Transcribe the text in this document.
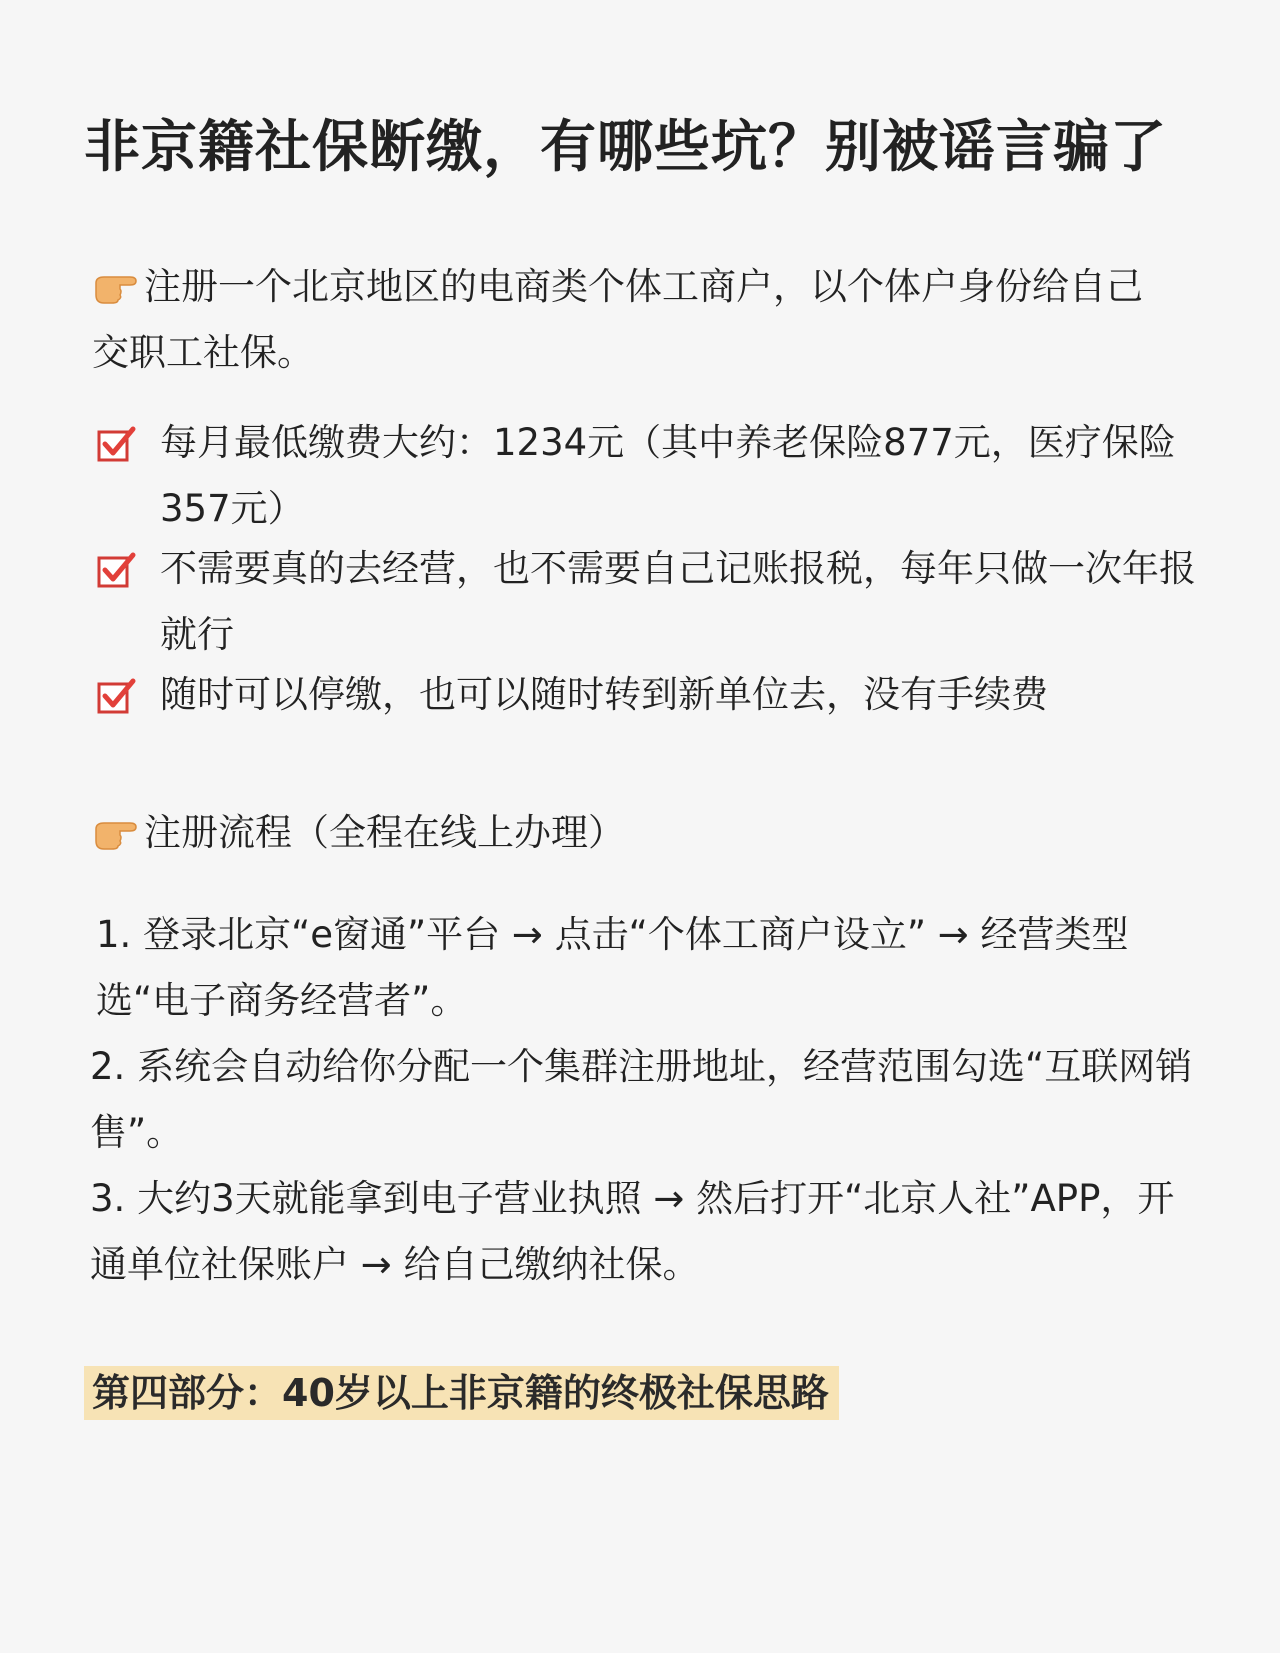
非京籍社保断缴，有哪些坑？别被谣言骗了
注册一个北京地区的电商类个体工商户，以个体户身份给自己交职工社保。
每月最低缴费大约：1234元（其中养老保险877元，医疗保险357元）
不需要真的去经营，也不需要自己记账报税，每年只做一次年报就行
随时可以停缴，也可以随时转到新单位去，没有手续费
注册流程（全程在线上办理）
1. 登录北京“e窗通”平台 → 点击“个体工商户设立” → 经营类型选“电子商务经营者”。
2. 系统会自动给你分配一个集群注册地址，经营范围勾选“互联网销售”。
3. 大约3天就能拿到电子营业执照 → 然后打开“北京人社”APP，开通单位社保账户 → 给自己缴纳社保。
第四部分：40岁以上非京籍的终极社保思路
